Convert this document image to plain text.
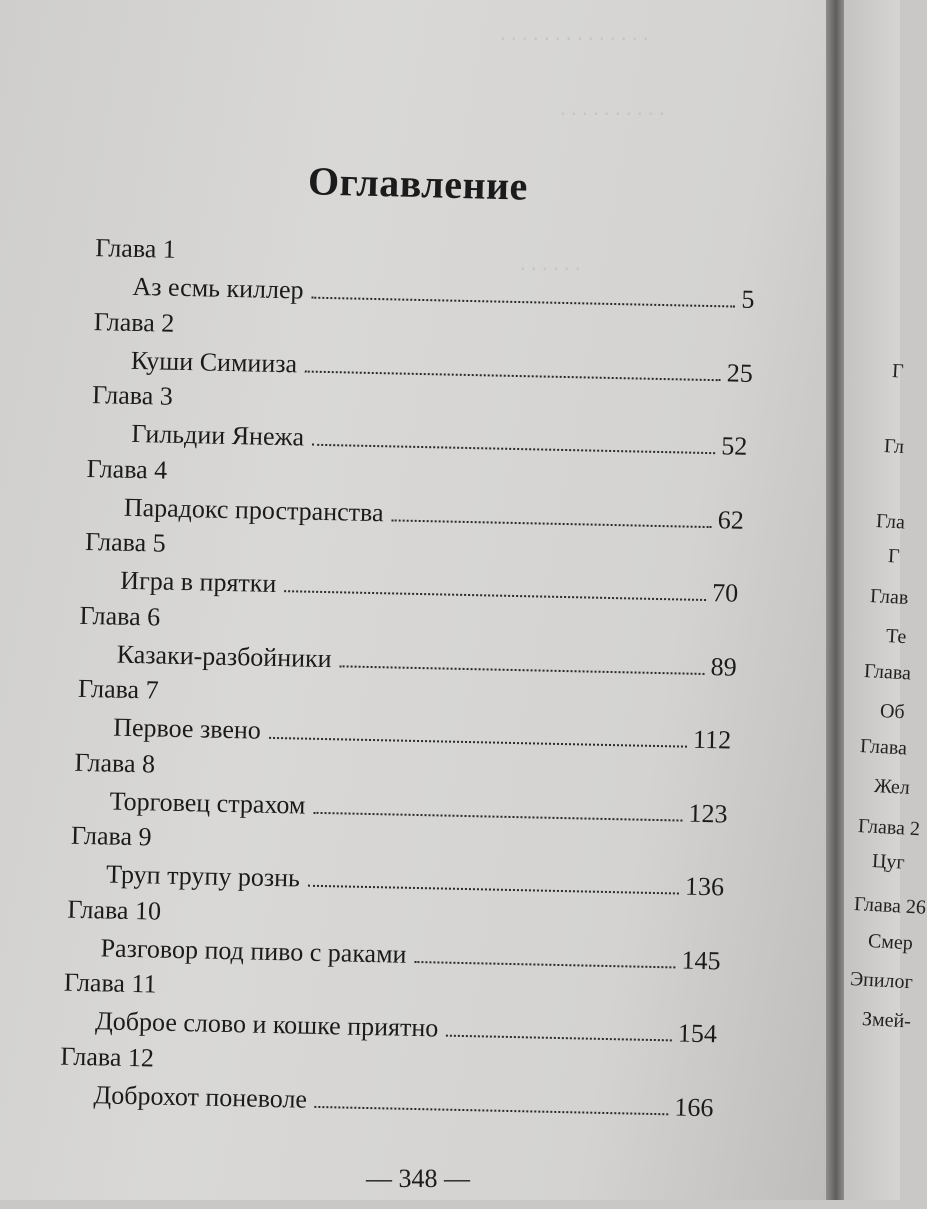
. . . . . . . . . . . . . .
. . . . . . . . . .
. . . . . .
Оглавление
Глава 1
Аз есмь киллер	5
Глава 2
Куши Симииза	25
Глава 3
Гильдии Янежа	52
Глава 4
Парадокс пространства	62
Глава 5
Игра в прятки	70
Глава 6
Казаки-разбойники	89
Глава 7
Первое звено	112
Глава 8
Торговец страхом	123
Глава 9
Труп трупу рознь	136
Глава 10
Разговор под пиво с раками	145
Глава 11
Доброе слово и кошке приятно	154
Глава 12
Доброхот поневоле	166
— 348 —
Г
Гл
Гла
Г
Глав
Те
Глава
Об
Глава
Жел
Глава 2
Цуг
Глава 26
Смер
Эпилог
Змей-
